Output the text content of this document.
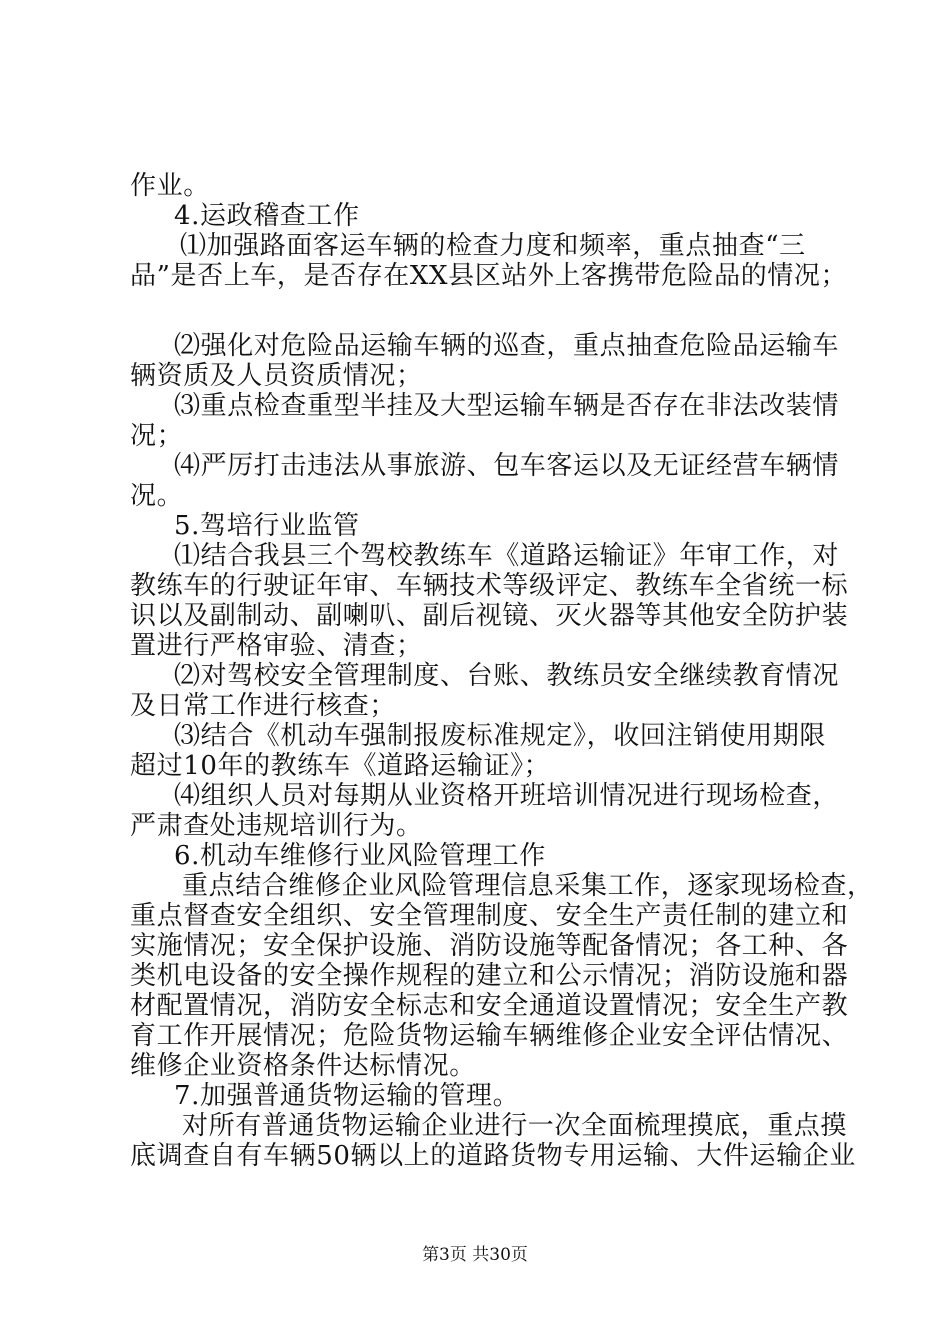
作业。
4.运政稽查工作
⑴加强路面客运车辆的检查力度和频率，重点抽查“三
品”是否上车，是否存在XX县区站外上客携带危险品的情况；
⑵强化对危险品运输车辆的巡查，重点抽查危险品运输车
辆资质及人员资质情况；
⑶重点检查重型半挂及大型运输车辆是否存在非法改装情
况；
⑷严厉打击违法从事旅游、包车客运以及无证经营车辆情
况。
5.驾培行业监管
⑴结合我县三个驾校教练车《道路运输证》年审工作，对
教练车的行驶证年审、车辆技术等级评定、教练车全省统一标
识以及副制动、副喇叭、副后视镜、灭火器等其他安全防护装
置进行严格审验、清查；
⑵对驾校安全管理制度、台账、教练员安全继续教育情况
及日常工作进行核查；
⑶结合《机动车强制报废标准规定》，收回注销使用期限
超过10年的教练车《道路运输证》；
⑷组织人员对每期从业资格开班培训情况进行现场检查，
严肃查处违规培训行为。
6.机动车维修行业风险管理工作
重点结合维修企业风险管理信息采集工作，逐家现场检查，
重点督查安全组织、安全管理制度、安全生产责任制的建立和
实施情况；安全保护设施、消防设施等配备情况；各工种、各
类机电设备的安全操作规程的建立和公示情况；消防设施和器
材配置情况，消防安全标志和安全通道设置情况；安全生产教
育工作开展情况；危险货物运输车辆维修企业安全评估情况、
维修企业资格条件达标情况。
7.加强普通货物运输的管理。
对所有普通货物运输企业进行一次全面梳理摸底，重点摸
底调查自有车辆50辆以上的道路货物专用运输、大件运输企业
第3页 共30页
